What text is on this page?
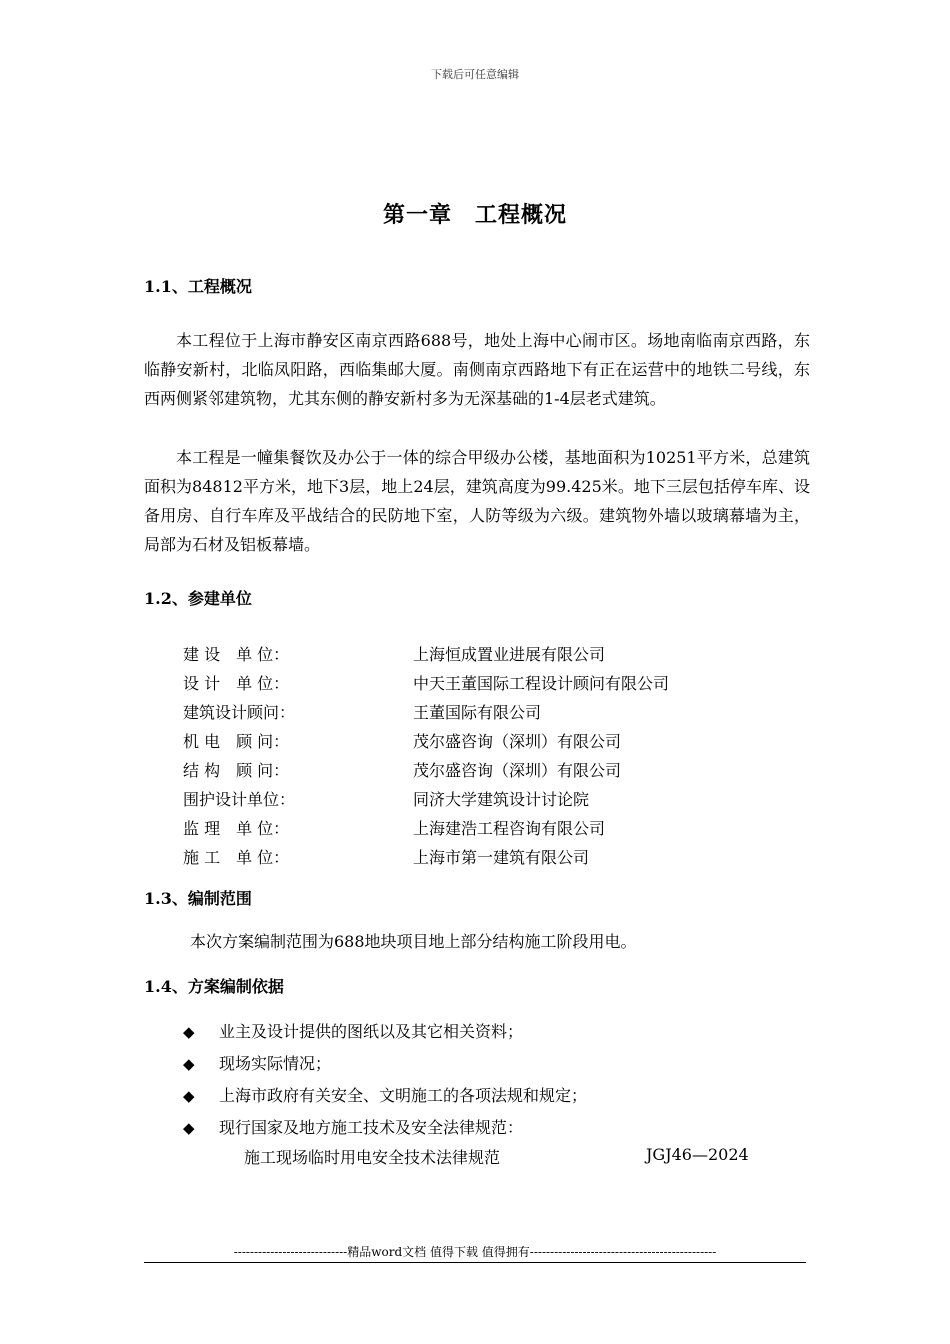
下载后可任意编辑
第一章　工程概况
1.1、工程概况

本工程位于上海市静安区南京西路688号，地处上海中心闹市区。场地南临南京西路，东临静安新村，北临凤阳路，西临集邮大厦。南侧南京西路地下有正在运营中的地铁二号线，东西两侧紧邻建筑物，尤其东侧的静安新村多为无深基础的1-4层老式建筑。

本工程是一幢集餐饮及办公于一体的综合甲级办公楼，基地面积为10251平方米，总建筑面积为84812平方米，地下3层，地上24层，建筑高度为99.425米。地下三层包括停车库、设备用房、自行车库及平战结合的民防地下室，人防等级为六级。建筑物外墙以玻璃幕墙为主，局部为石材及铝板幕墙。

1.2、参建单位
建 设　单 位：	上海恒成置业进展有限公司
设 计　单 位：	中天王董国际工程设计顾问有限公司
建筑设计顾问：	王董国际有限公司
机 电　顾 问：	茂尔盛咨询（深圳）有限公司
结 构　顾 问：	茂尔盛咨询（深圳）有限公司
围护设计单位：	同济大学建筑设计讨论院
监 理　单 位：	上海建浩工程咨询有限公司
施 工　单 位：	上海市第一建筑有限公司
1.3、编制范围
本次方案编制范围为688地块项目地上部分结构施工阶段用电。
1.4、方案编制依据
◆	业主及设计提供的图纸以及其它相关资料；
◆	现场实际情况；
◆	上海市政府有关安全、文明施工的各项法规和规定；
◆	现行国家及地方施工技术及安全法律规范：
施工现场临时用电安全技术法律规范	JGJ46—2024
----------------------------精品word文档 值得下载 值得拥有----------------------------------------------
